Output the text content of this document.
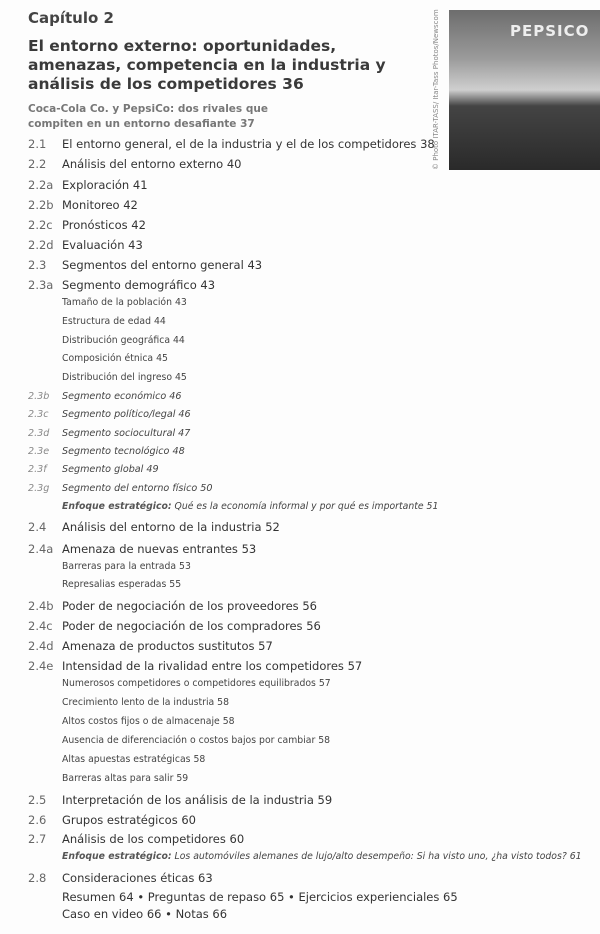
Capítulo 2
El entorno externo: oportunidades, amenazas, competencia en la industria y análisis de los competidores 36
Coca-Cola Co. y PepsiCo: dos rivales que
compiten en un entorno desafiante 37
PEPSICO
© Photo ITAR-TASS/ Itar-Tass Photos/Newscom
2.1 El entorno general, el de la industria y el de los competidores 38
2.2 Análisis del entorno externo 40
2.2a Exploración 41
2.2b Monitoreo 42
2.2c Pronósticos 42
2.2d Evaluación 43
2.3 Segmentos del entorno general 43
2.3a Segmento demográfico 43
Tamaño de la población 43
Estructura de edad 44
Distribución geográfica 44
Composición étnica 45
Distribución del ingreso 45
2.3b Segmento económico 46
2.3c Segmento político/legal 46
2.3d Segmento sociocultural 47
2.3e Segmento tecnológico 48
2.3f Segmento global 49
2.3g Segmento del entorno físico 50
Enfoque estratégico: Qué es la economía informal y por qué es importante 51
2.4 Análisis del entorno de la industria 52
2.4a Amenaza de nuevas entrantes 53
Barreras para la entrada 53
Represalias esperadas 55
2.4b Poder de negociación de los proveedores 56
2.4c Poder de negociación de los compradores 56
2.4d Amenaza de productos sustitutos 57
2.4e Intensidad de la rivalidad entre los competidores 57
Numerosos competidores o competidores equilibrados 57
Crecimiento lento de la industria 58
Altos costos fijos o de almacenaje 58
Ausencia de diferenciación o costos bajos por cambiar 58
Altas apuestas estratégicas 58
Barreras altas para salir 59
2.5 Interpretación de los análisis de la industria 59
2.6 Grupos estratégicos 60
2.7 Análisis de los competidores 60
Enfoque estratégico: Los automóviles alemanes de lujo/alto desempeño: Si ha visto uno, ¿ha visto todos? 61
2.8 Consideraciones éticas 63
Resumen 64 • Preguntas de repaso 65 • Ejercicios experienciales 65
Caso en video 66 • Notas 66
